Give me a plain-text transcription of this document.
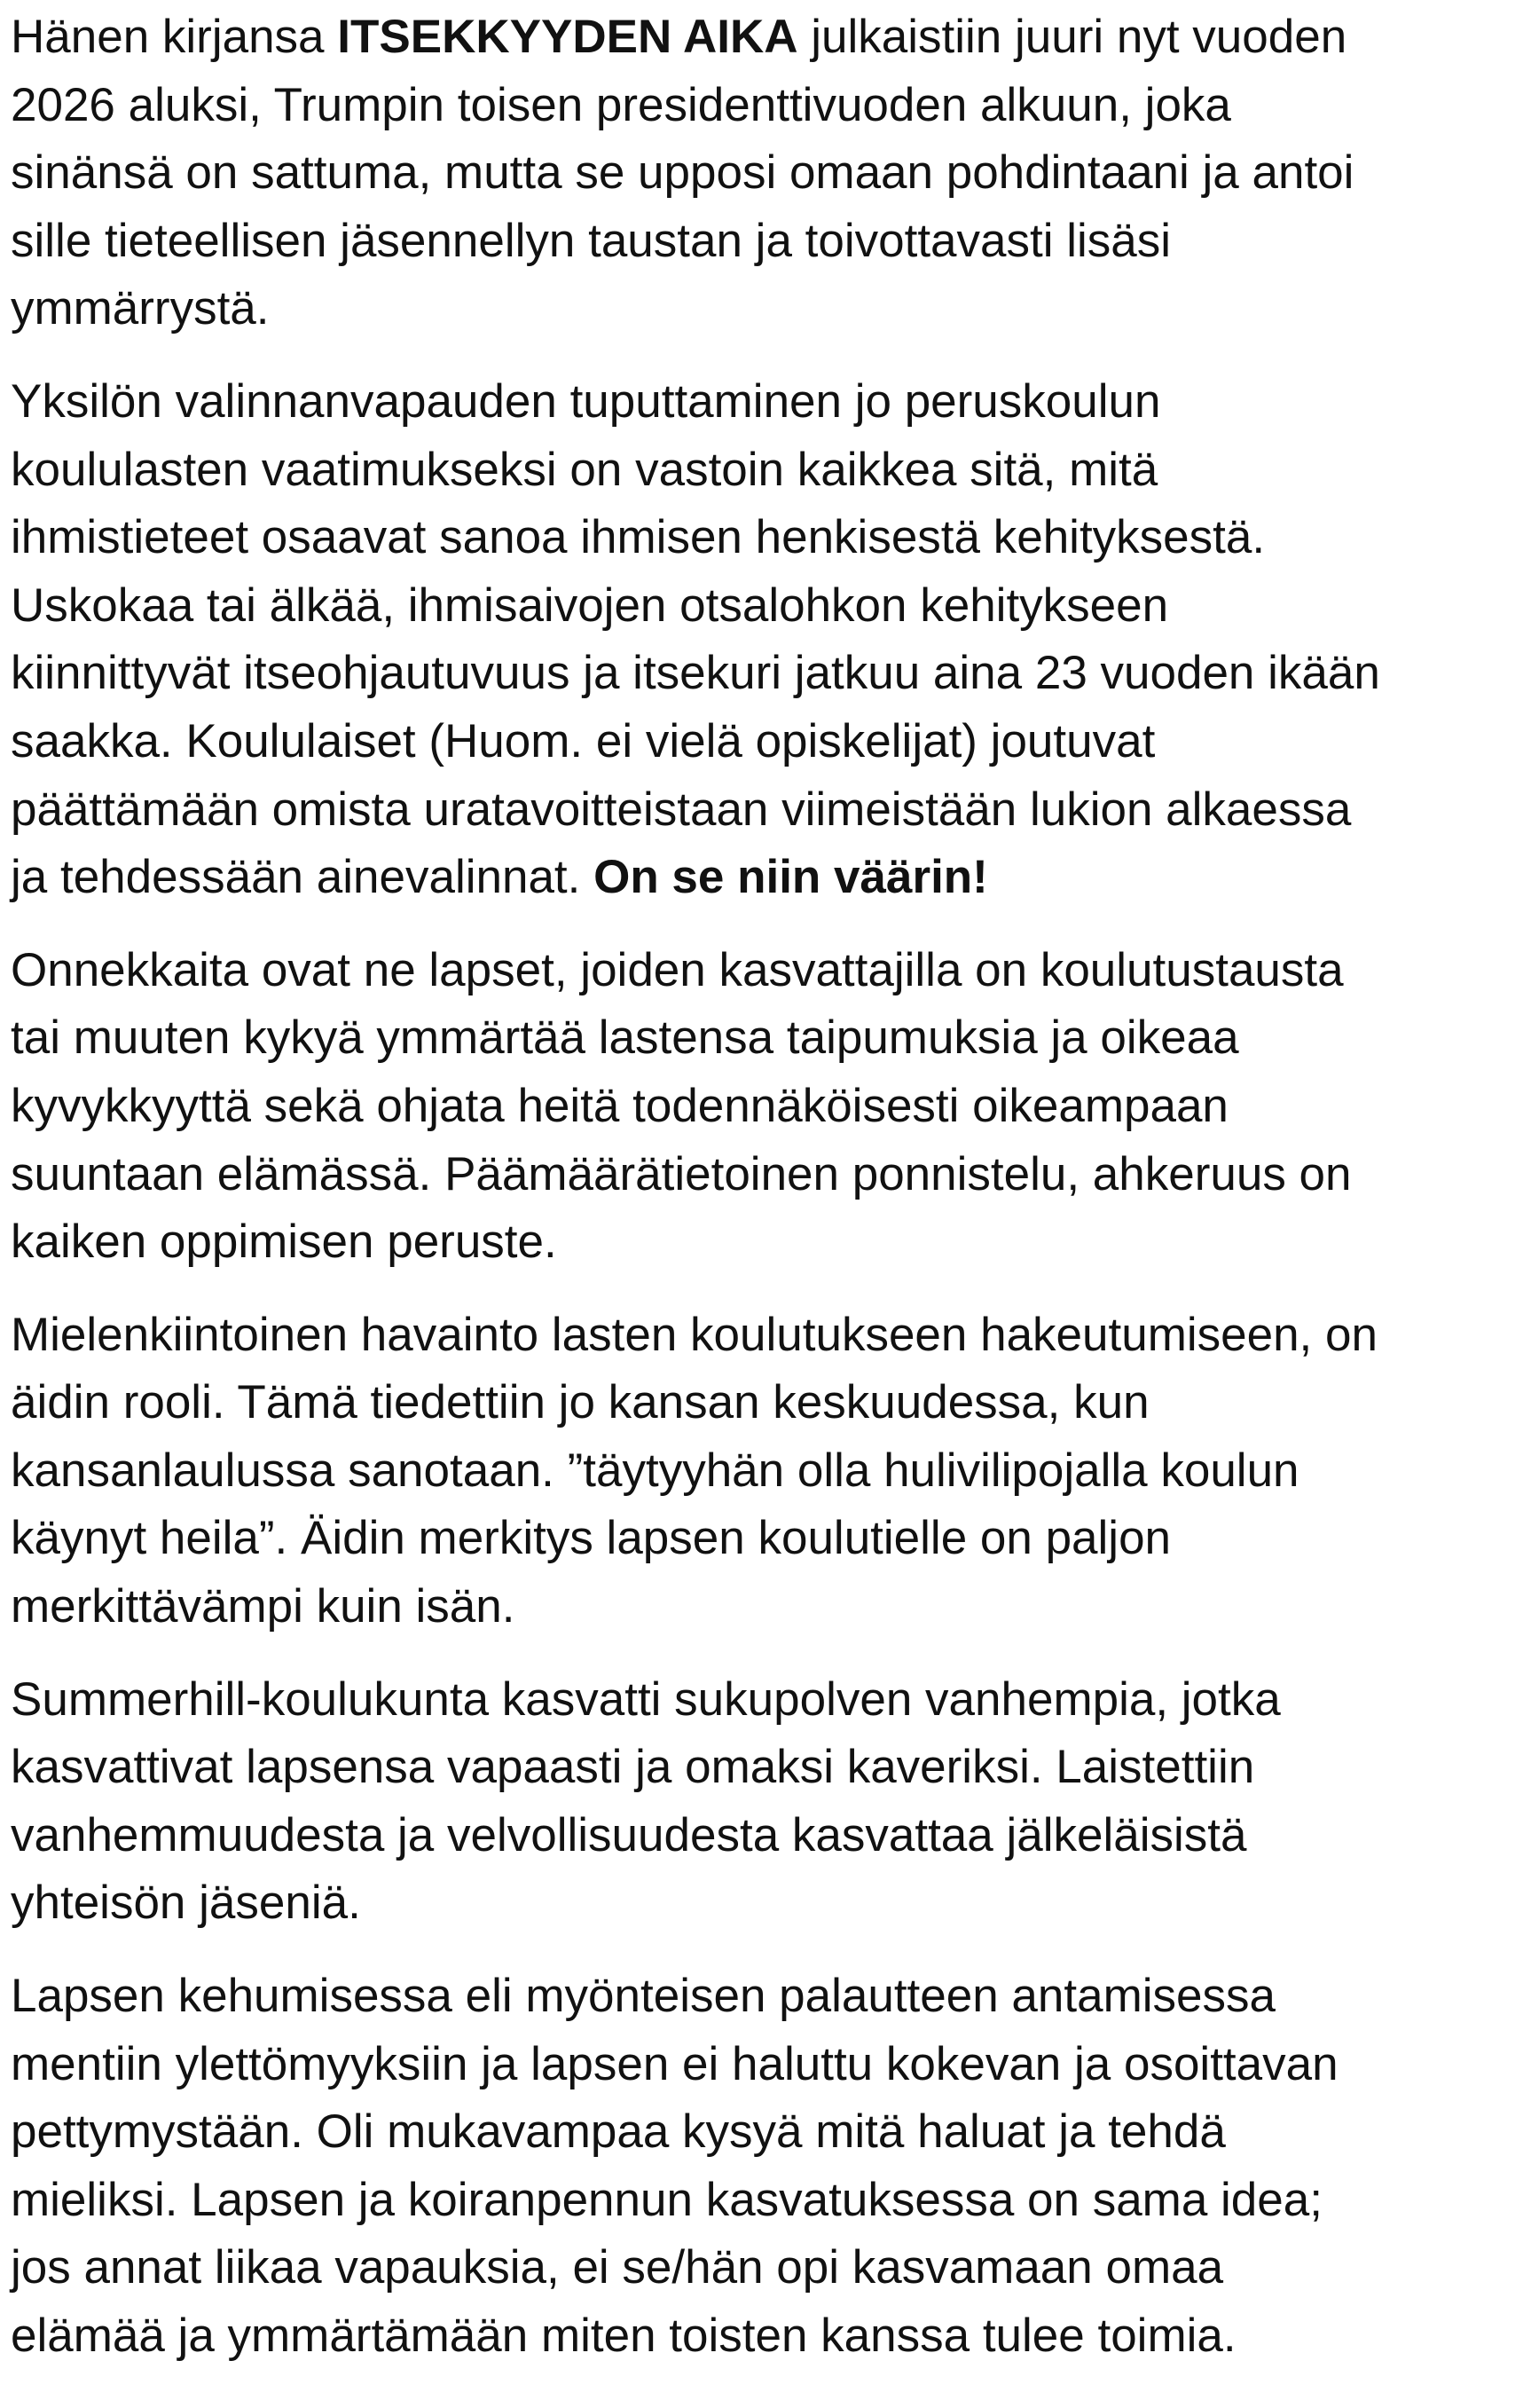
Hänen kirjansa ITSEKKYYDEN AIKA julkaistiin juuri nyt vuoden
2026 aluksi, Trumpin toisen presidenttivuoden alkuun, joka
sinänsä on sattuma, mutta se upposi omaan pohdintaani ja antoi
sille tieteellisen jäsennellyn taustan ja toivottavasti lisäsi
ymmärrystä.

Yksilön valinnanvapauden tuputtaminen jo peruskoulun
koululasten vaatimukseksi on vastoin kaikkea sitä, mitä
ihmistieteet osaavat sanoa ihmisen henkisestä kehityksestä.
Uskokaa tai älkää, ihmisaivojen otsalohkon kehitykseen
kiinnittyvät itseohjautuvuus ja itsekuri jatkuu aina 23 vuoden ikään
saakka. Koululaiset (Huom. ei vielä opiskelijat) joutuvat
päättämään omista uratavoitteistaan viimeistään lukion alkaessa
ja tehdessään ainevalinnat. On se niin väärin!

Onnekkaita ovat ne lapset, joiden kasvattajilla on koulutustausta
tai muuten kykyä ymmärtää lastensa taipumuksia ja oikeaa
kyvykkyyttä sekä ohjata heitä todennäköisesti oikeampaan
suuntaan elämässä. Päämäärätietoinen ponnistelu, ahkeruus on
kaiken oppimisen peruste.

Mielenkiintoinen havainto lasten koulutukseen hakeutumiseen, on
äidin rooli. Tämä tiedettiin jo kansan keskuudessa, kun
kansanlaulussa sanotaan. ”täytyyhän olla hulivilipojalla koulun
käynyt heila”. Äidin merkitys lapsen koulutielle on paljon
merkittävämpi kuin isän.

Summerhill-koulukunta kasvatti sukupolven vanhempia, jotka
kasvattivat lapsensa vapaasti ja omaksi kaveriksi. Laistettiin
vanhemmuudesta ja velvollisuudesta kasvattaa jälkeläisistä
yhteisön jäseniä.

Lapsen kehumisessa eli myönteisen palautteen antamisessa
mentiin ylettömyyksiin ja lapsen ei haluttu kokevan ja osoittavan
pettymystään. Oli mukavampaa kysyä mitä haluat ja tehdä
mieliksi. Lapsen ja koiranpennun kasvatuksessa on sama idea;
jos annat liikaa vapauksia, ei se/hän opi kasvamaan omaa
elämää ja ymmärtämään miten toisten kanssa tulee toimia.
